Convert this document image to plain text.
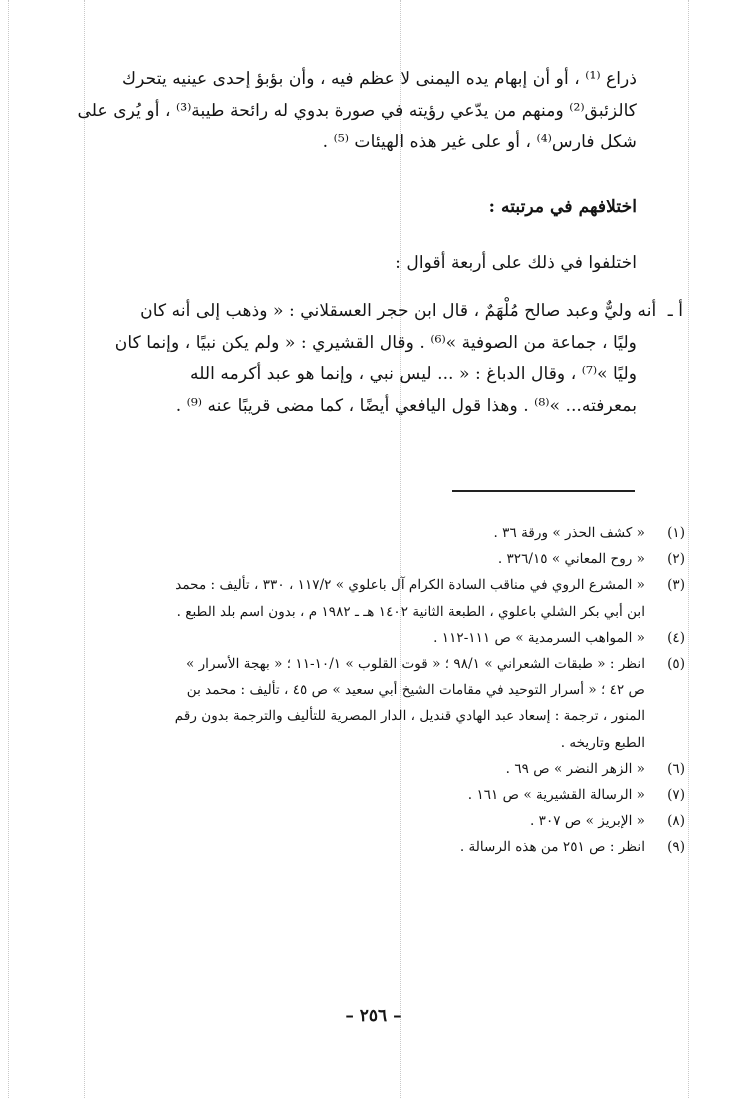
ذراع ⁽¹⁾ ، أو أن إبهام يده اليمنى لا عظم فيه ، وأن بؤبؤ إحدى عينيه يتحرك

كالزئبق⁽²⁾ ومنهم من يدّعي رؤيته في صورة بدوي له رائحة طيبة⁽³⁾ ، أو يُرى على

شكل فارس⁽⁴⁾ ، أو على غير هذه الهيئات ⁽⁵⁾ .

اختلافهم في مرتبته :
اختلفوا في ذلك على أربعة أقوال :
أ ـ أنه وليٌّ وعبد صالح مُلْهَمٌ ، قال ابن حجر العسقلاني : « وذهب إلى أنه كان
وليًا ، جماعة من الصوفية »⁽⁶⁾ . وقال القشيري : « ولم يكن نبيًا ، وإنما كان
وليًا »⁽⁷⁾ ، وقال الدباغ : « ... ليس نبي ، وإنما هو عبد أكرمه الله
بمعرفته... »⁽⁸⁾ . وهذا قول اليافعي أيضًا ، كما مضى قريبًا عنه ⁽⁹⁾ .
(١)
« كشف الحذر » ورقة ٣٦ .
(٢)
« روح المعاني » ٣٢٦/١٥ .
(٣)
« المشرع الروي في مناقب السادة الكرام آل باعلوي » ١١٧/٢ ، ٣٣٠ ، تأليف : محمد
ابن أبي بكر الشلي باعلوي ، الطبعة الثانية ١٤٠٢ هـ ـ ١٩٨٢ م ، بدون اسم بلد الطبع .
(٤)
« المواهب السرمدية » ص ١١١-١١٢ .
(٥)
انظر : « طبقات الشعراني » ٩٨/١ ؛ « قوت القلوب » ١٠/١-١١ ؛ « بهجة الأسرار »
ص ٤٢ ؛ « أسرار التوحيد في مقامات الشيخ أبي سعيد » ص ٤٥ ، تأليف : محمد بن
المنور ، ترجمة : إسعاد عبد الهادي قنديل ، الدار المصرية للتأليف والترجمة بدون رقم
الطبع وتاريخه .
(٦)
« الزهر النضر » ص ٦٩ .
(٧)
« الرسالة القشيرية » ص ١٦١ .
(٨)
« الإبريز » ص ٣٠٧ .
(٩)
انظر : ص ٢٥١ من هذه الرسالة .
– ٢٥٦ –
